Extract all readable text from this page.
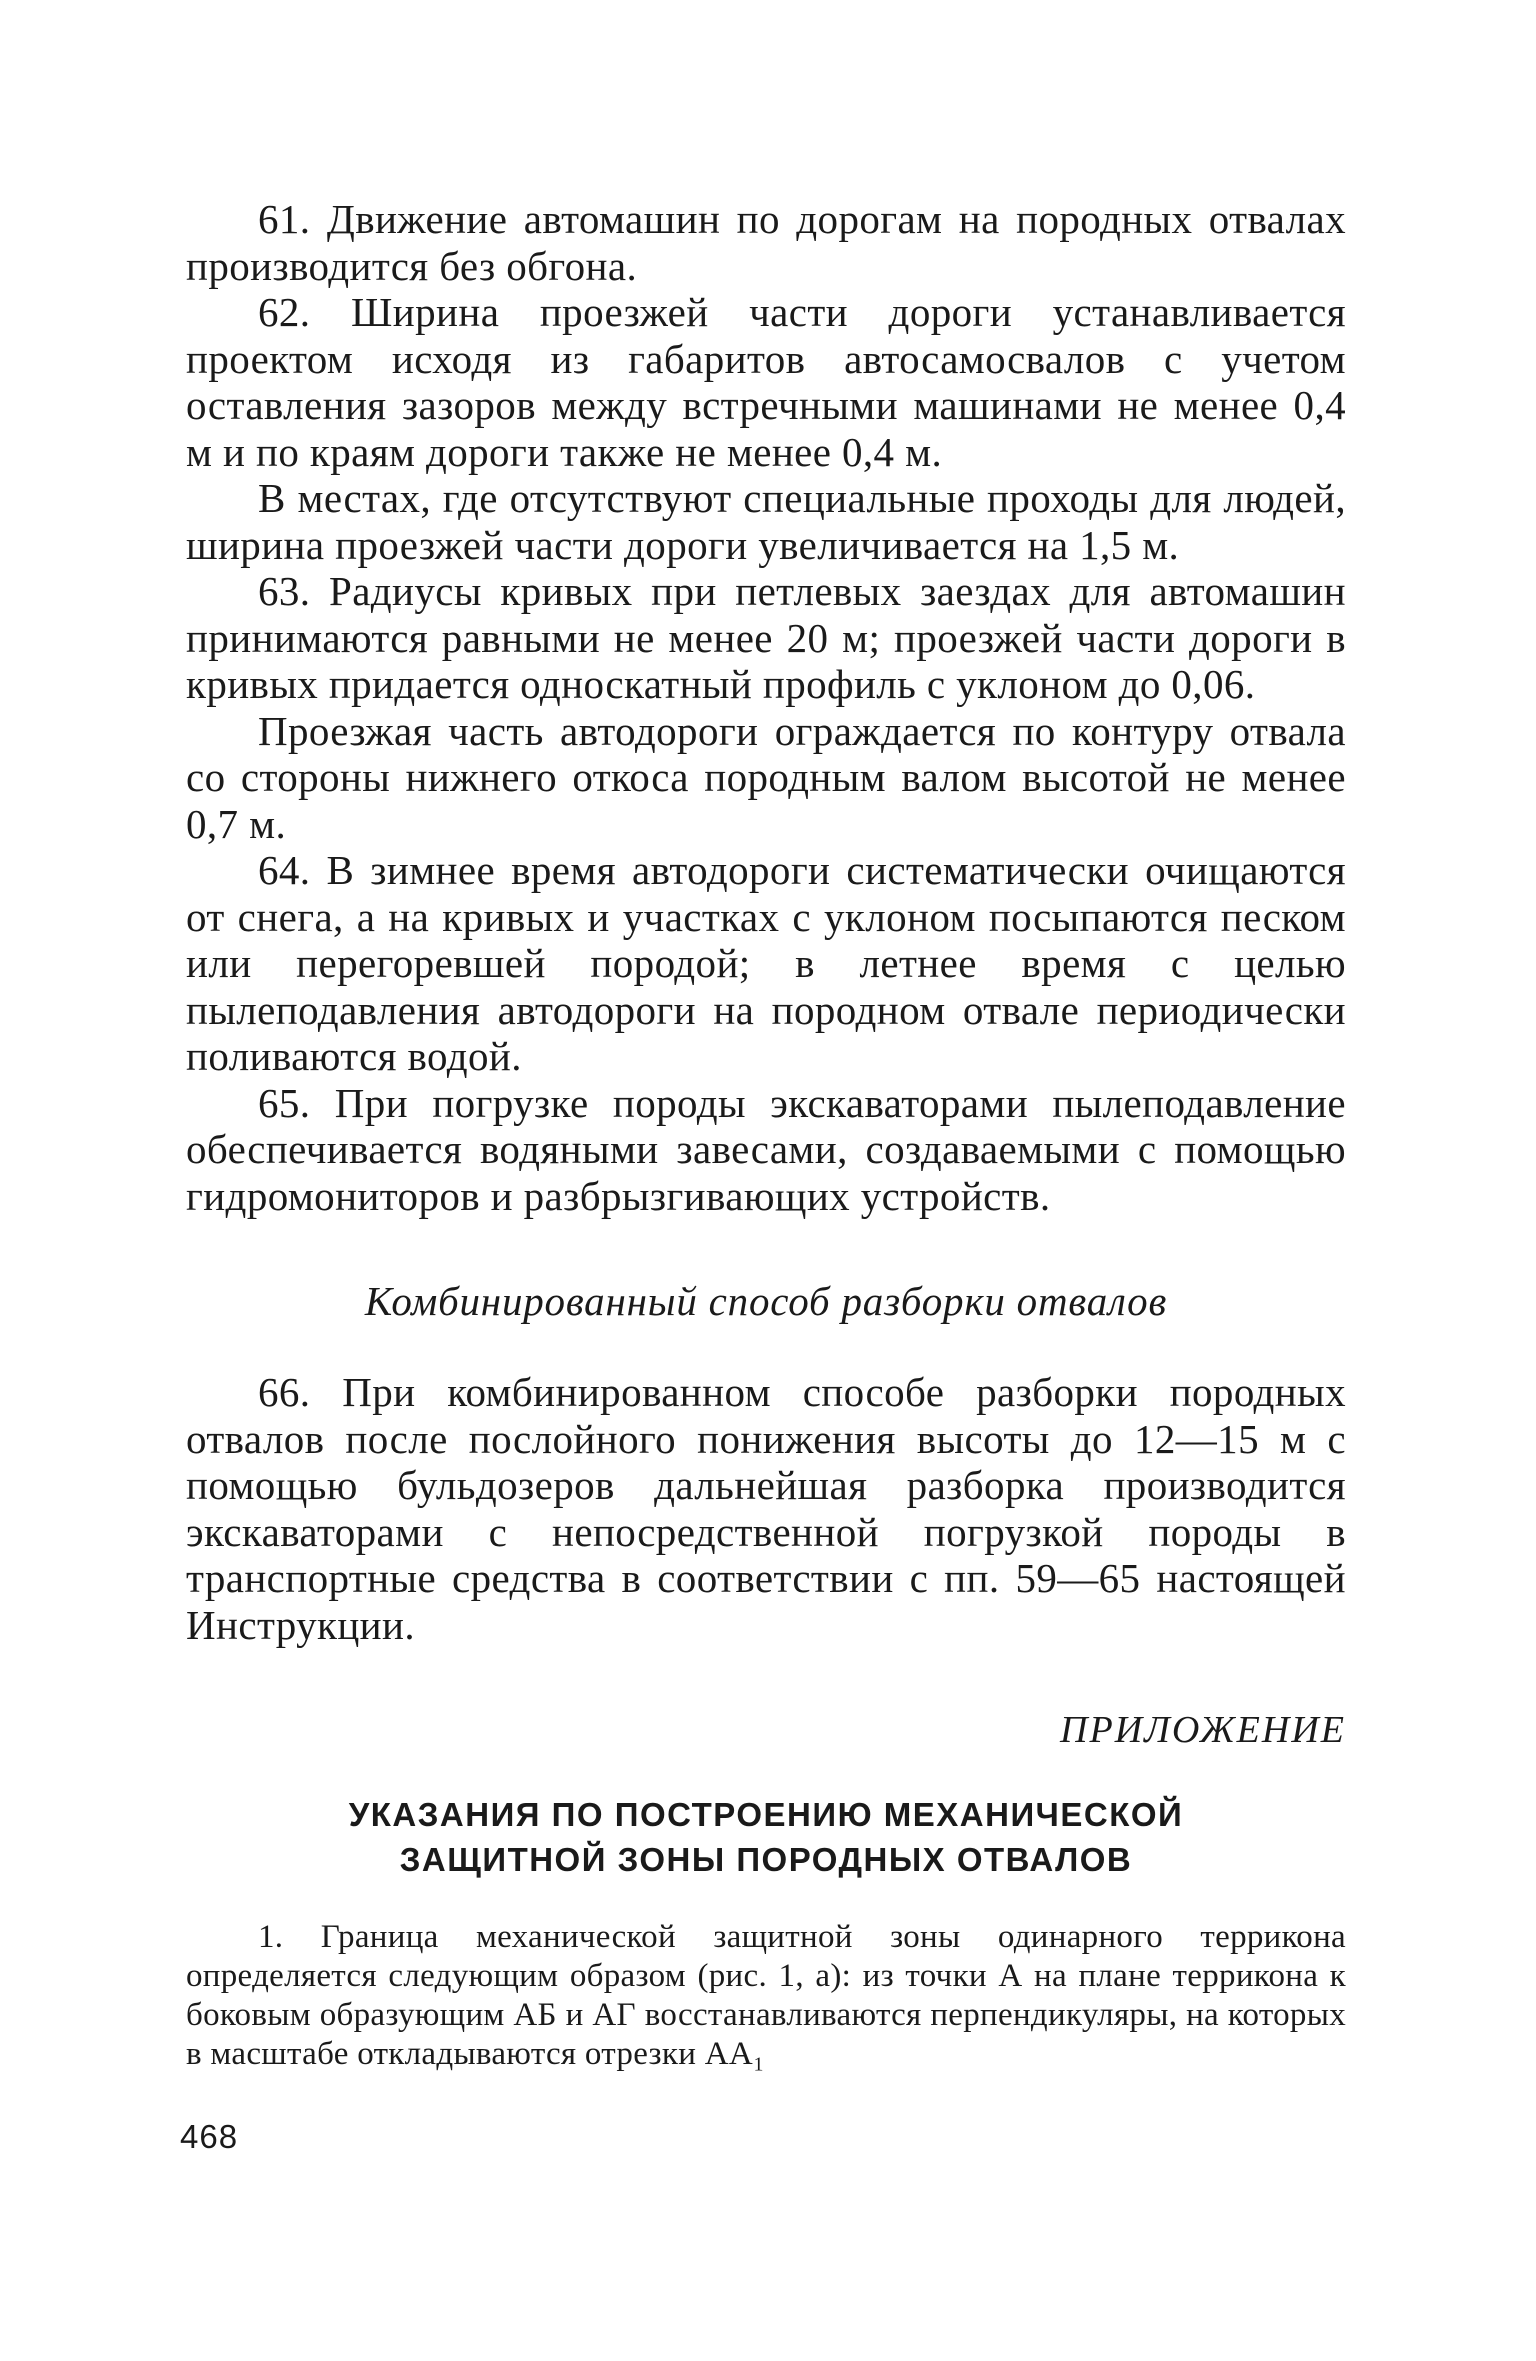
61. Движение автомашин по дорогам на породных отвалах производится без обгона.

62. Ширина проезжей части дороги устанавливается проектом исходя из габаритов автосамосвалов с учетом оставления зазоров между встречными машинами не менее 0,4 м и по краям дороги также не менее 0,4 м.

В местах, где отсутствуют специальные проходы для людей, ширина проезжей части дороги увеличивается на 1,5 м.

63. Радиусы кривых при петлевых заездах для автомашин принимаются равными не менее 20 м; проезжей части дороги в кривых придается односкатный профиль с уклоном до 0,06.

Проезжая часть автодороги ограждается по контуру отвала со стороны нижнего откоса породным валом высотой не менее 0,7 м.

64. В зимнее время автодороги систематически очищаются от снега, а на кривых и участках с уклоном посыпаются песком или перегоревшей породой; в летнее время с целью пылеподавления автодороги на породном отвале периодически поливаются водой.

65. При погрузке породы экскаваторами пылеподавление обеспечивается водяными завесами, создаваемыми с помощью гидромониторов и разбрызгивающих устройств.

Комбинированный способ разборки отвалов

66. При комбинированном способе разборки породных отвалов после послойного понижения высоты до 12—15 м с помощью бульдозеров дальнейшая разборка производится экскаваторами с непосредственной погрузкой породы в транспортные средства в соответствии с пп. 59—65 настоящей Инструкции.

ПРИЛОЖЕНИЕ
УКАЗАНИЯ ПО ПОСТРОЕНИЮ МЕХАНИЧЕСКОЙ
ЗАЩИТНОЙ ЗОНЫ ПОРОДНЫХ ОТВАЛОВ

1. Граница механической защитной зоны одинарного террикона определяется следующим образом (рис. 1, а): из точки А на плане террикона к боковым образующим АБ и АГ восстанавливаются перпендикуляры, на которых в масштабе откладываются отрезки АА₁

468
